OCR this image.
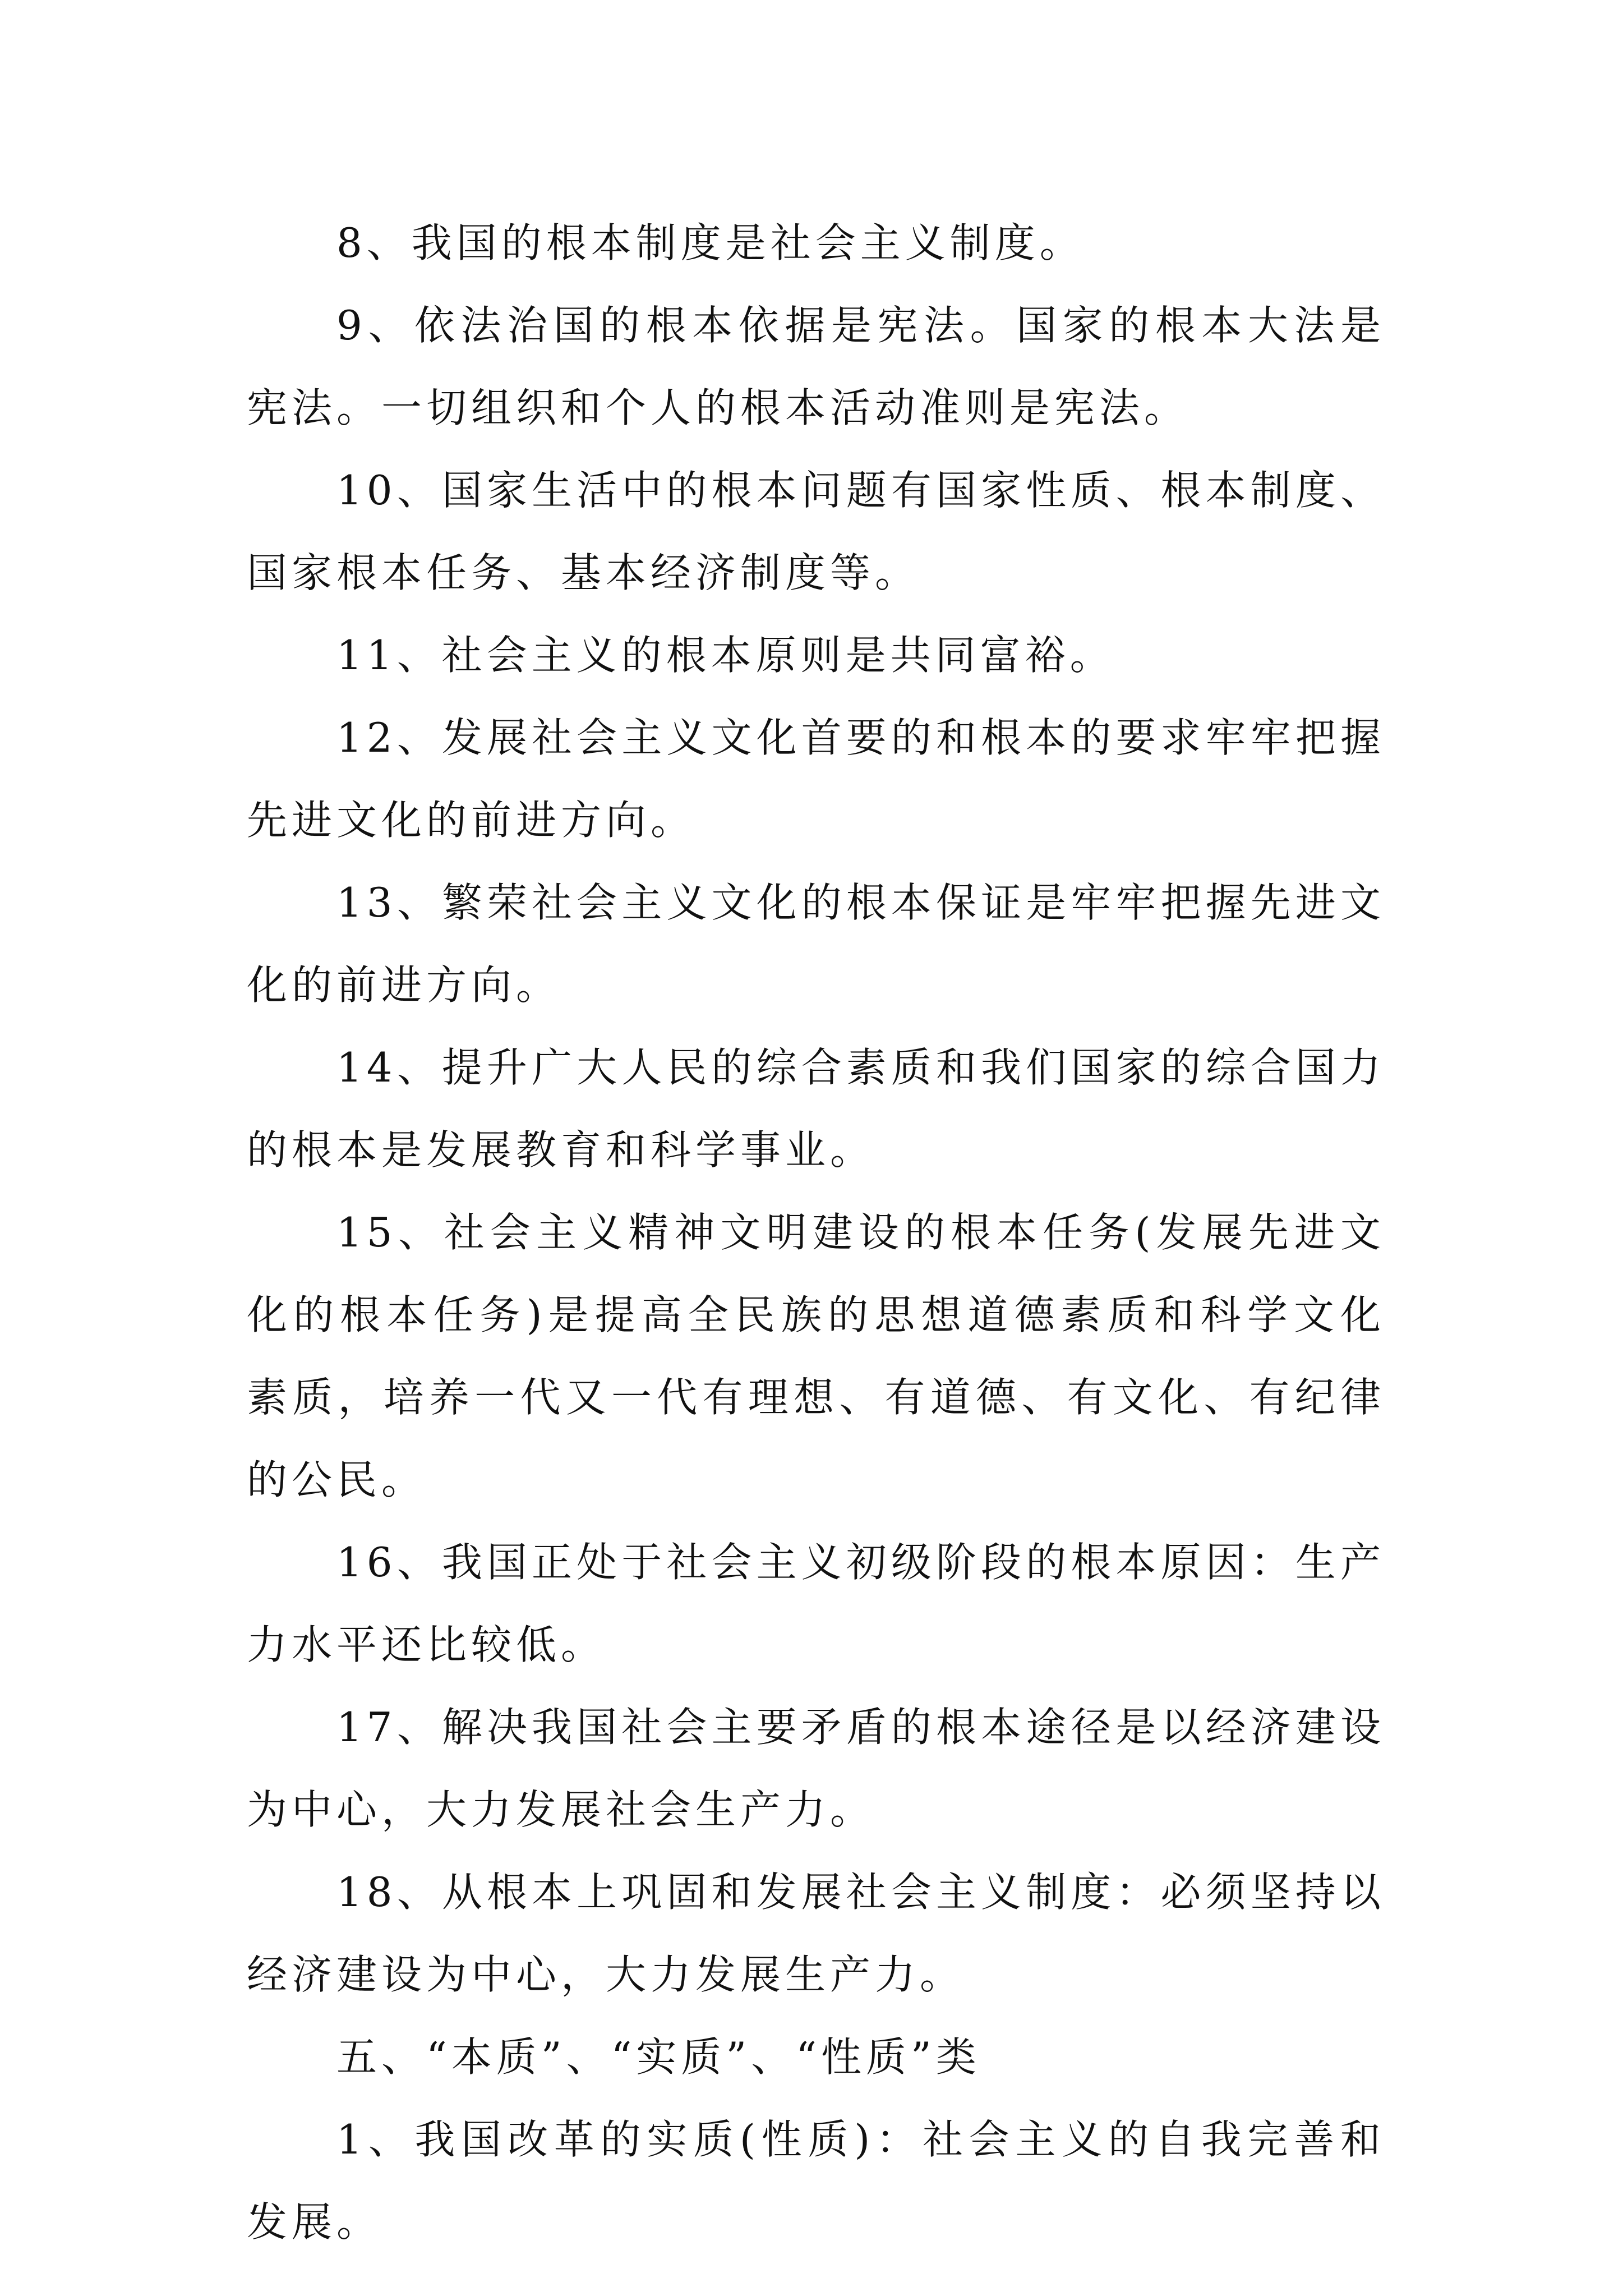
8、我国的根本制度是社会主义制度。

9、依法治国的根本依据是宪法。国家的根本大法是宪法。一切组织和个人的根本活动准则是宪法。

10、国家生活中的根本问题有国家性质、根本制度、国家根本任务、基本经济制度等。

11、社会主义的根本原则是共同富裕。

12、发展社会主义文化首要的和根本的要求牢牢把握先进文化的前进方向。

13、繁荣社会主义文化的根本保证是牢牢把握先进文化的前进方向。

14、提升广大人民的综合素质和我们国家的综合国力的根本是发展教育和科学事业。

15、社会主义精神文明建设的根本任务(发展先进文化的根本任务)是提高全民族的思想道德素质和科学文化素质，培养一代又一代有理想、有道德、有文化、有纪律的公民。

16、我国正处于社会主义初级阶段的根本原因：生产力水平还比较低。

17、解决我国社会主要矛盾的根本途径是以经济建设为中心，大力发展社会生产力。

18、从根本上巩固和发展社会主义制度：必须坚持以经济建设为中心，大力发展生产力。

五、“本质”、“实质”、“性质”类

1、我国改革的实质(性质)：社会主义的自我完善和发展。
